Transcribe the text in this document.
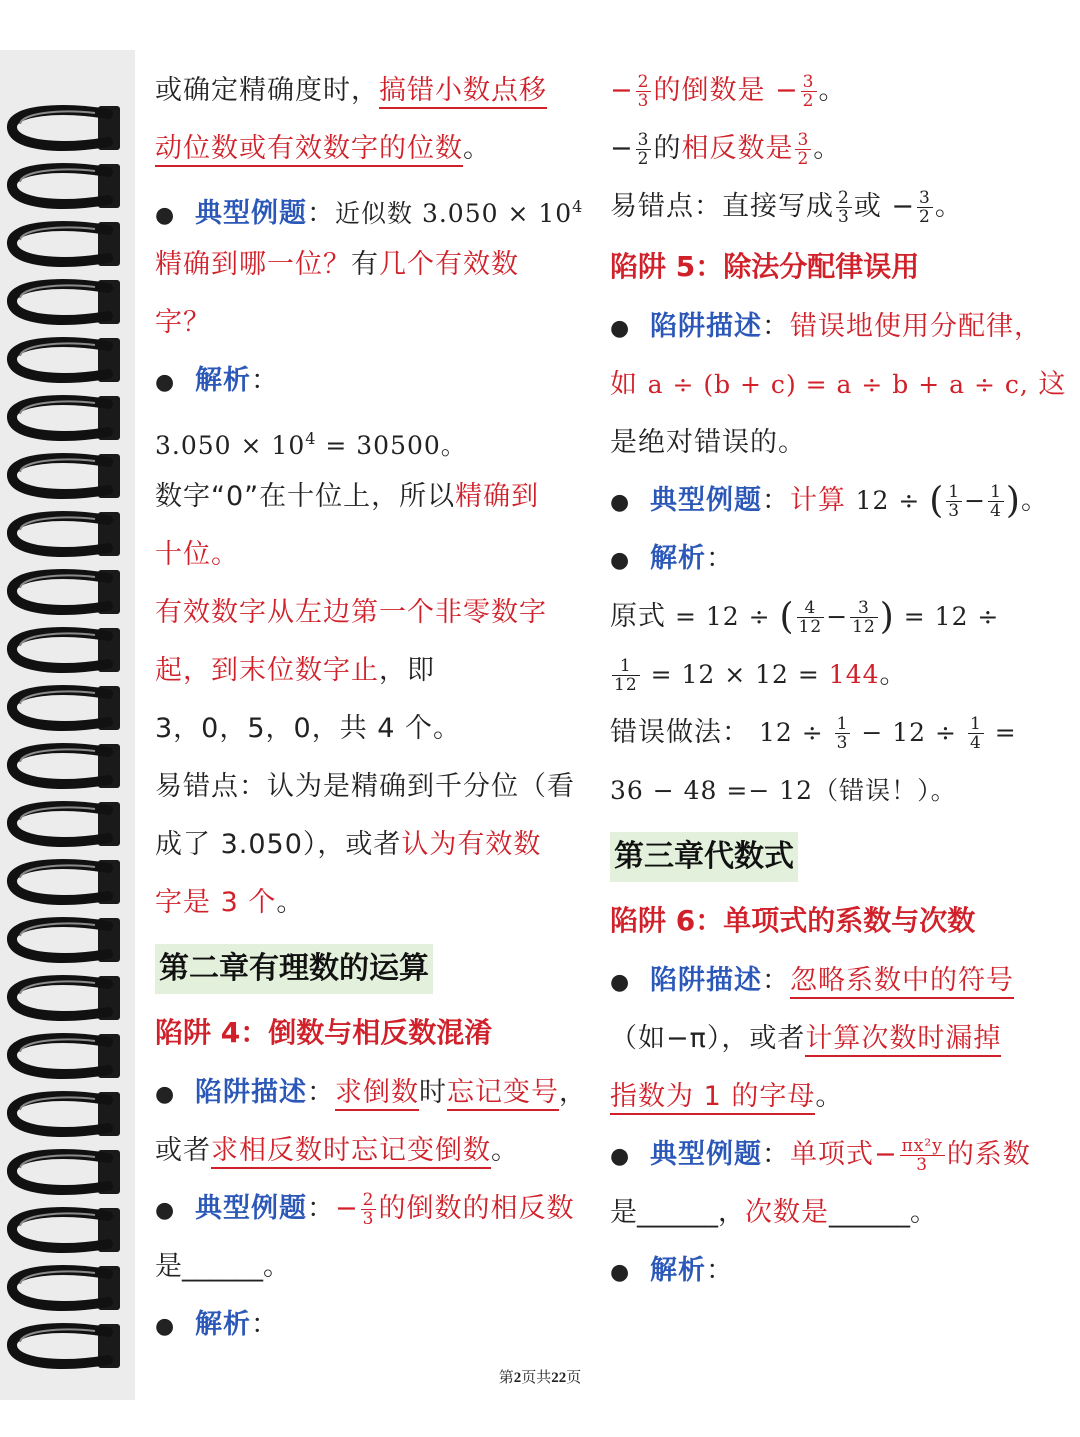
或确定精确度时，搞错小数点移
动位数或有效数字的位数。
● 典型例题：近似数 $3.050 \times 10^4$
精确到哪一位？有几个有效数
字？
● 解析：
$3.050 \times 10^4 = 30500$。
数字“0”在十位上，所以精确到
十位。
有效数字从左边第一个非零数字
起，到末位数字止，即
3，0，5，0，共 4 个。
易错点：认为是精确到千分位（看
成了 3.050），或者认为有效数
字是 3 个。
第二章有理数的运算
陷阱 4：倒数与相反数混淆
● 陷阱描述：求倒数时忘记变号，
或者求相反数时忘记变倒数。
● 典型例题：− $\frac{2}{3}$ 的倒数的相反数
是______。
● 解析：
− $\frac{2}{3}$ 的倒数是 − $\frac{3}{2}$ 。
− $\frac{3}{2}$ 的相反数是 $\frac{3}{2}$ 。
易错点：直接写成 $\frac{2}{3}$ 或 − $\frac{3}{2}$ 。
陷阱 5：除法分配律误用
● 陷阱描述：错误地使用分配律，
如 a ÷ (b + c) = a ÷ b + a ÷ c, 这
是绝对错误的。
● 典型例题：计算 12 ÷ ( $\frac{1}{3} - \frac{1}{4}$ )。
● 解析：
原式 = 12 ÷ ( $\frac{4}{12} - \frac{3}{12}$ ) = 12 ÷
$\frac{1}{12} = 12 \times 12 = 144$。
错误做法： $12 \div \frac{1}{3} - 12 \div \frac{1}{4}$ =
36 − 48 =− 12（错误！）。
第三章代数式
陷阱 6：单项式的系数与次数
● 陷阱描述：忽略系数中的符号
（如−π），或者计算次数时漏掉
指数为 1 的字母。
● 典型例题：单项式− $\frac{\text{πx²y}}{3}$ 的系数
是______，次数是______。
● 解析：
第2页共22页
